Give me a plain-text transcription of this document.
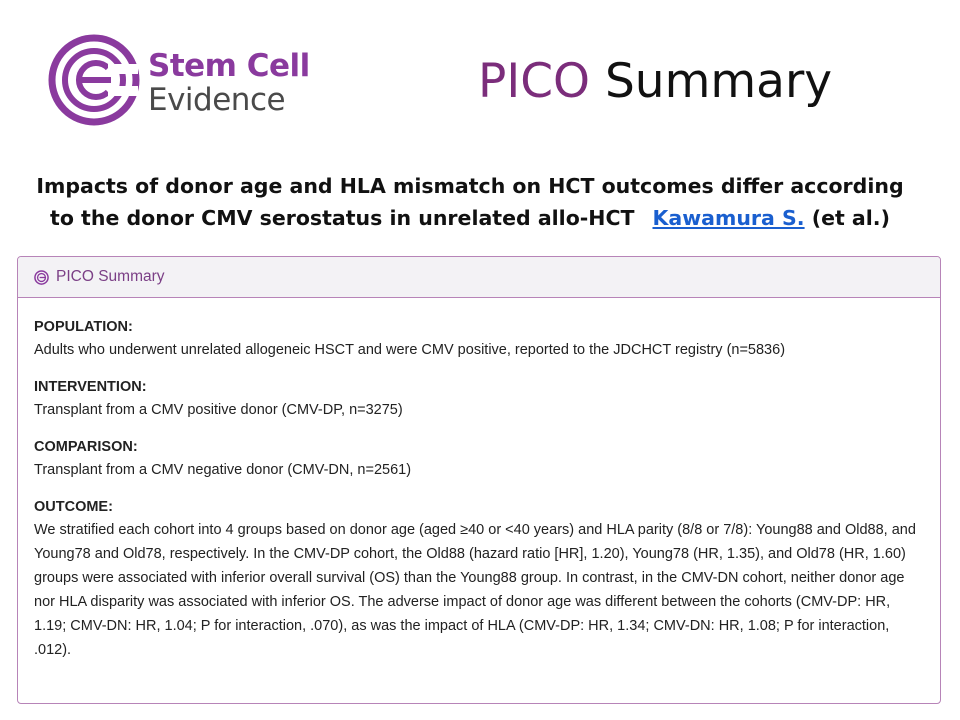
Stem Cell
Evidence	PICO Summary
Impacts of donor age and HLA mismatch on HCT outcomes differ according
to the donor CMV serostatus in unrelated allo-HCT Kawamura S. (et al.)
PICO Summary
POPULATION:
Adults who underwent unrelated allogeneic HSCT and were CMV positive, reported to the JDCHCT registry (n=5836)
INTERVENTION:
Transplant from a CMV positive donor (CMV-DP, n=3275)
COMPARISON:
Transplant from a CMV negative donor (CMV-DN, n=2561)
OUTCOME:
We stratified each cohort into 4 groups based on donor age (aged ≥40 or <40 years) and HLA parity (8/8 or 7/8): Young88 and Old88, and Young78 and Old78, respectively. In the CMV-DP cohort, the Old88 (hazard ratio [HR], 1.20), Young78 (HR, 1.35), and Old78 (HR, 1.60) groups were associated with inferior overall survival (OS) than the Young88 group. In contrast, in the CMV-DN cohort, neither donor age nor HLA disparity was associated with inferior OS. The adverse impact of donor age was different between the cohorts (CMV-DP: HR, 1.19; CMV-DN: HR, 1.04; P for interaction, .070), as was the impact of HLA (CMV-DP: HR, 1.34; CMV-DN: HR, 1.08; P for interaction, .012).
